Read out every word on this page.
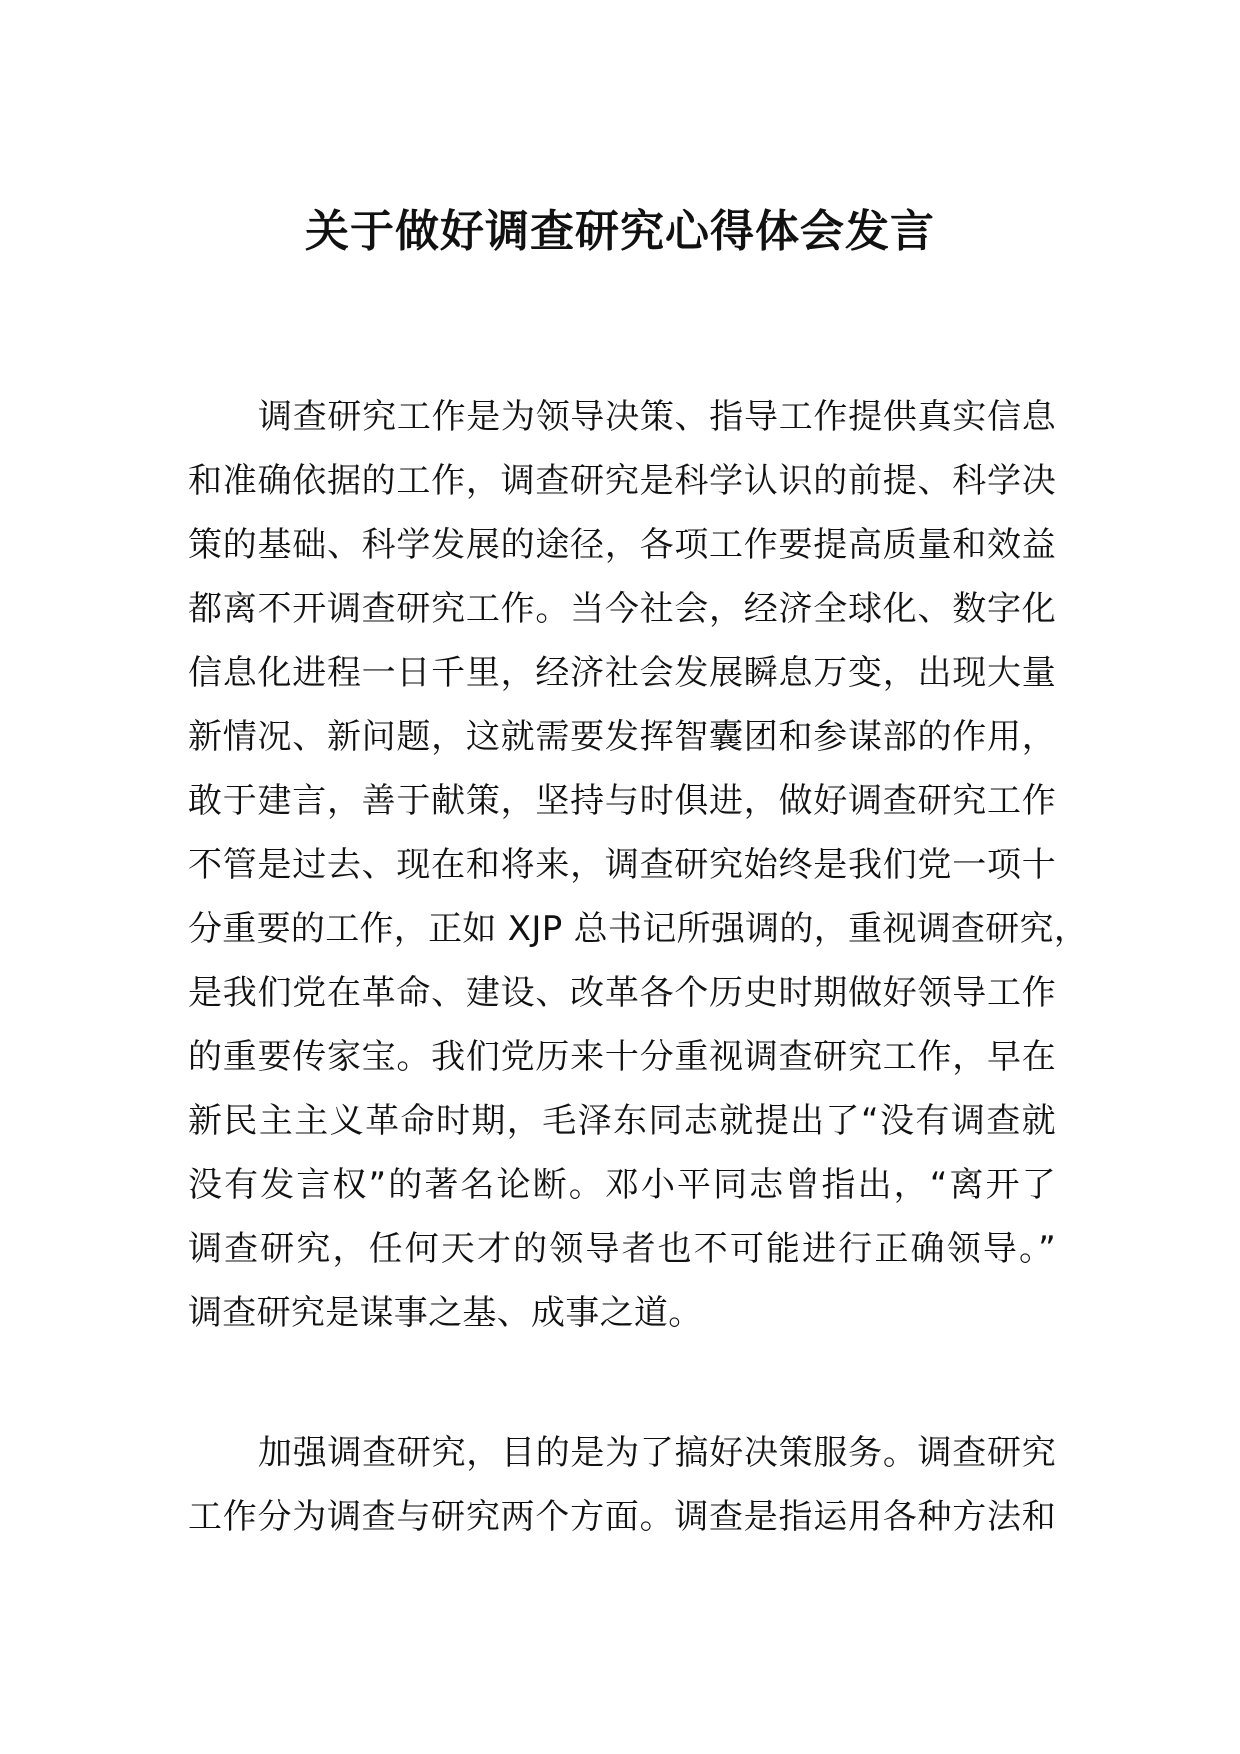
关于做好调查研究心得体会发言
调查研究工作是为领导决策、指导工作提供真实信息
和准确依据的工作，调查研究是科学认识的前提、科学决
策的基础、科学发展的途径，各项工作要提高质量和效益
都离不开调查研究工作。当今社会，经济全球化、数字化
信息化进程一日千里，经济社会发展瞬息万变，出现大量
新情况、新问题，这就需要发挥智囊团和参谋部的作用，
敢于建言，善于献策，坚持与时俱进，做好调查研究工作
不管是过去、现在和将来，调查研究始终是我们党一项十
分重要的工作，正如 XJP 总书记所强调的，重视调查研究，
是我们党在革命、建设、改革各个历史时期做好领导工作
的重要传家宝。我们党历来十分重视调查研究工作，早在
新民主主义革命时期，毛泽东同志就提出了“没有调查就
没有发言权”的著名论断。邓小平同志曾指出，“离开了
调查研究，任何天才的领导者也不可能进行正确领导。”
调查研究是谋事之基、成事之道。
加强调查研究，目的是为了搞好决策服务。调查研究
工作分为调查与研究两个方面。调查是指运用各种方法和
